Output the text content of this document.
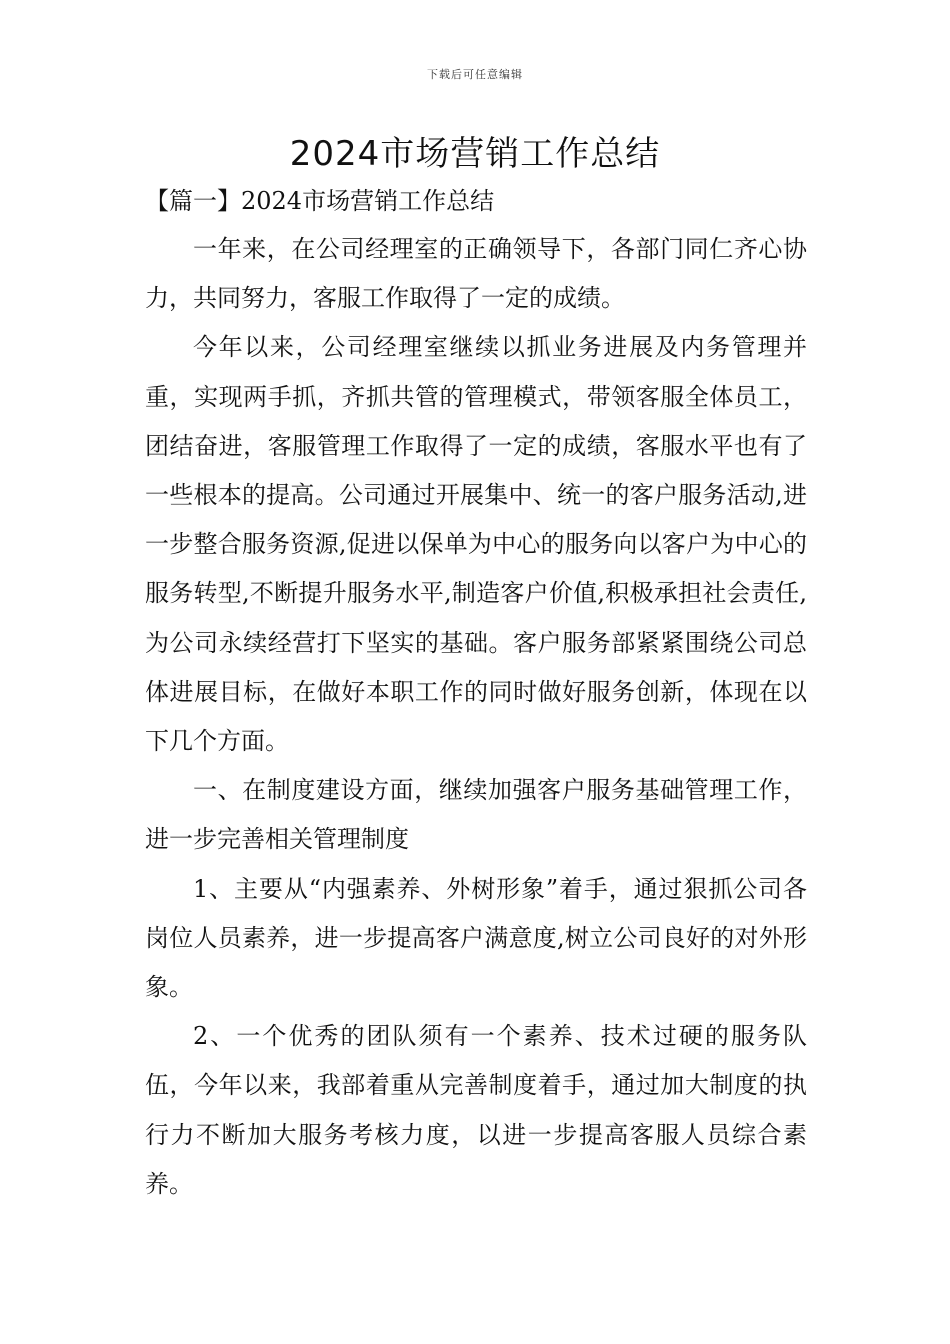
下载后可任意编辑
2024市场营销工作总结

【篇一】2024市场营销工作总结

一年来，在公司经理室的正确领导下，各部门同仁齐心协力，共同努力，客服工作取得了一定的成绩。

今年以来，公司经理室继续以抓业务进展及内务管理并重，实现两手抓，齐抓共管的管理模式，带领客服全体员工，团结奋进，客服管理工作取得了一定的成绩，客服水平也有了一些根本的提高。公司通过开展集中、统一的客户服务活动,进一步整合服务资源,促进以保单为中心的服务向以客户为中心的服务转型,不断提升服务水平,制造客户价值,积极承担社会责任,为公司永续经营打下坚实的基础。客户服务部紧紧围绕公司总体进展目标，在做好本职工作的同时做好服务创新，体现在以下几个方面。

一、在制度建设方面，继续加强客户服务基础管理工作，进一步完善相关管理制度

1、主要从“内强素养、外树形象”着手，通过狠抓公司各岗位人员素养，进一步提高客户满意度,树立公司良好的对外形象。

2、一个优秀的团队须有一个素养、技术过硬的服务队伍，今年以来，我部着重从完善制度着手，通过加大制度的执行力不断加大服务考核力度，以进一步提高客服人员综合素养。
